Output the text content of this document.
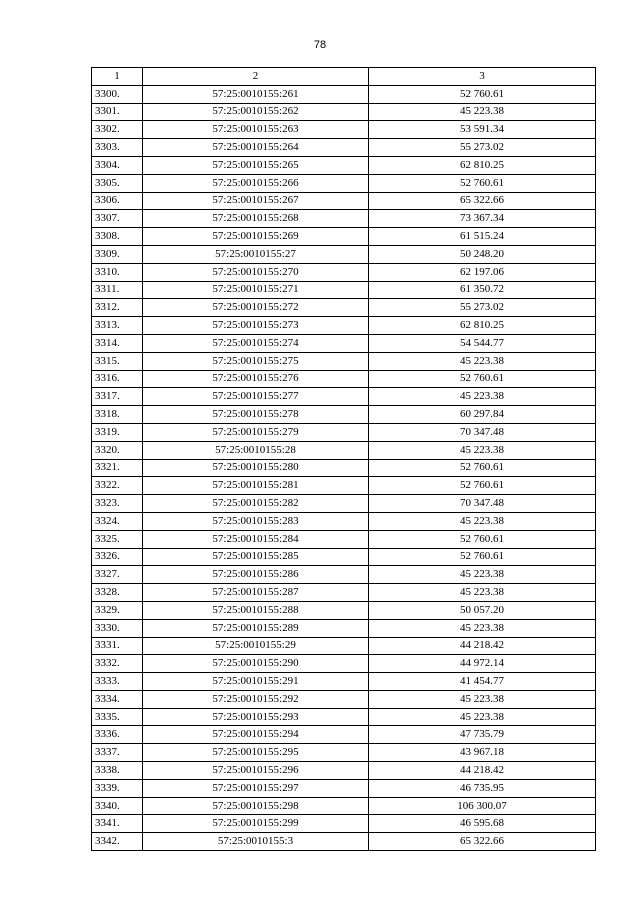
78
1	2	3
3300.	57:25:0010155:261	52 760.61
3301.	57:25:0010155:262	45 223.38
3302.	57:25:0010155:263	53 591.34
3303.	57:25:0010155:264	55 273.02
3304.	57:25:0010155:265	62 810.25
3305.	57:25:0010155:266	52 760.61
3306.	57:25:0010155:267	65 322.66
3307.	57:25:0010155:268	73 367.34
3308.	57:25:0010155:269	61 515.24
3309.	57:25:0010155:27	50 248.20
3310.	57:25:0010155:270	62 197.06
3311.	57:25:0010155:271	61 350.72
3312.	57:25:0010155:272	55 273.02
3313.	57:25:0010155:273	62 810.25
3314.	57:25:0010155:274	54 544.77
3315.	57:25:0010155:275	45 223.38
3316.	57:25:0010155:276	52 760.61
3317.	57:25:0010155:277	45 223.38
3318.	57:25:0010155:278	60 297.84
3319.	57:25:0010155:279	70 347.48
3320.	57:25:0010155:28	45 223.38
3321.	57:25:0010155:280	52 760.61
3322.	57:25:0010155:281	52 760.61
3323.	57:25:0010155:282	70 347.48
3324.	57:25:0010155:283	45 223.38
3325.	57:25:0010155:284	52 760.61
3326.	57:25:0010155:285	52 760.61
3327.	57:25:0010155:286	45 223.38
3328.	57:25:0010155:287	45 223.38
3329.	57:25:0010155:288	50 057.20
3330.	57:25:0010155:289	45 223.38
3331.	57:25:0010155:29	44 218.42
3332.	57:25:0010155:290	44 972.14
3333.	57:25:0010155:291	41 454.77
3334.	57:25:0010155:292	45 223.38
3335.	57:25:0010155:293	45 223.38
3336.	57:25:0010155:294	47 735.79
3337.	57:25:0010155:295	43 967.18
3338.	57:25:0010155:296	44 218.42
3339.	57:25:0010155:297	46 735.95
3340.	57:25:0010155:298	106 300.07
3341.	57:25:0010155:299	46 595.68
3342.	57:25:0010155:3	65 322.66
